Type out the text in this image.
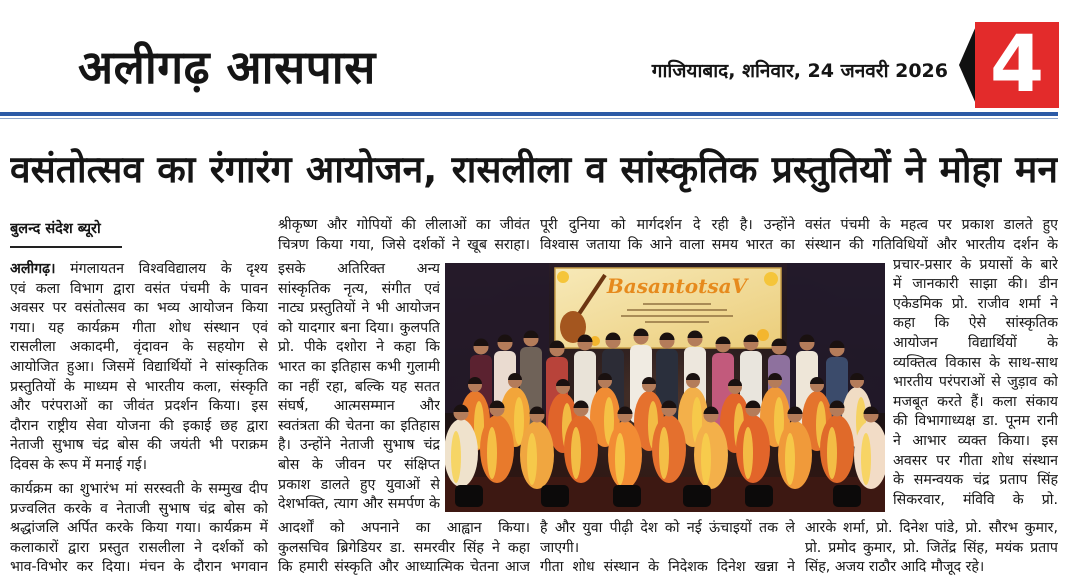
अलीगढ़ आसपास	गाजियाबाद, शनिवार, 24 जनवरी 2026 4
वसंतोत्सव का रंगारंग आयोजन, रासलीला व सांस्कृतिक प्रस्तुतियों ने मोहा मन
बुलन्द संदेश ब्यूरो
अलीगढ़। मंगलायतन विश्वविद्यालय के दृश्य
एवं कला विभाग द्वारा वसंत पंचमी के पावन
अवसर पर वसंतोत्सव का भव्य आयोजन किया
गया। यह कार्यक्रम गीता शोध संस्थान एवं
रासलीला अकादमी, वृंदावन के सहयोग से
आयोजित हुआ। जिसमें विद्यार्थियों ने सांस्कृतिक
प्रस्तुतियों के माध्यम से भारतीय कला, संस्कृति
और परंपराओं का जीवंत प्रदर्शन किया। इस
दौरान राष्ट्रीय सेवा योजना की इकाई छह द्वारा
नेताजी सुभाष चंद्र बोस की जयंती भी पराक्रम
दिवस के रूप में मनाई गई।
कार्यक्रम का शुभारंभ मां सरस्वती के सम्मुख दीप
प्रज्वलित करके व नेताजी सुभाष चंद्र बोस को
श्रद्धांजलि अर्पित करके किया गया। कार्यक्रम में
कलाकारों द्वारा प्रस्तुत रासलीला ने दर्शकों को
भाव-विभोर कर दिया। मंचन के दौरान भगवान
श्रीकृष्ण और गोपियों की लीलाओं का जीवंत
चित्रण किया गया, जिसे दर्शकों ने खूब सराहा।
इसके अतिरिक्त अन्य
सांस्कृतिक नृत्य, संगीत एवं
नाट्य प्रस्तुतियों ने भी आयोजन
को यादगार बना दिया। कुलपति
प्रो. पीके दशोरा ने कहा कि
भारत का इतिहास कभी गुलामी
का नहीं रहा, बल्कि यह सतत
संघर्ष, आत्मसम्मान और
स्वतंत्रता की चेतना का इतिहास
है। उन्होंने नेताजी सुभाष चंद्र
बोस के जीवन पर संक्षिप्त
प्रकाश डालते हुए युवाओं से
देशभक्ति, त्याग और समर्पण के
आदर्शों को अपनाने का आह्वान किया।
कुलसचिव ब्रिगेडियर डा. समरवीर सिंह ने कहा
कि हमारी संस्कृति और आध्यात्मिक चेतना आज
पूरी दुनिया को मार्गदर्शन दे रही है। उन्होंने
विश्वास जताया कि आने वाला समय भारत का
है और युवा पीढ़ी देश को नई ऊंचाइयों तक ले
जाएगी।
गीता शोध संस्थान के निदेशक दिनेश खन्ना ने
वसंत पंचमी के महत्व पर प्रकाश डालते हुए
संस्थान की गतिविधियों और भारतीय दर्शन के
प्रचार-प्रसार के प्रयासों के बारे
में जानकारी साझा की। डीन
एकेडमिक प्रो. राजीव शर्मा ने
कहा कि ऐसे सांस्कृतिक
आयोजन विद्यार्थियों के
व्यक्तित्व विकास के साथ-साथ
भारतीय परंपराओं से जुड़ाव को
मजबूत करते हैं। कला संकाय
की विभागाध्यक्ष डा. पूनम रानी
ने आभार व्यक्त किया। इस
अवसर पर गीता शोध संस्थान
के समन्वयक चंद्र प्रताप सिंह
सिकरवार, मंविवि के प्रो.
आरके शर्मा, प्रो. दिनेश पांडे, प्रो. सौरभ कुमार,
प्रो. प्रमोद कुमार, प्रो. जितेंद्र सिंह, मयंक प्रताप
सिंह, अजय राठौर आदि मौजूद रहे।
BasantotsaV
